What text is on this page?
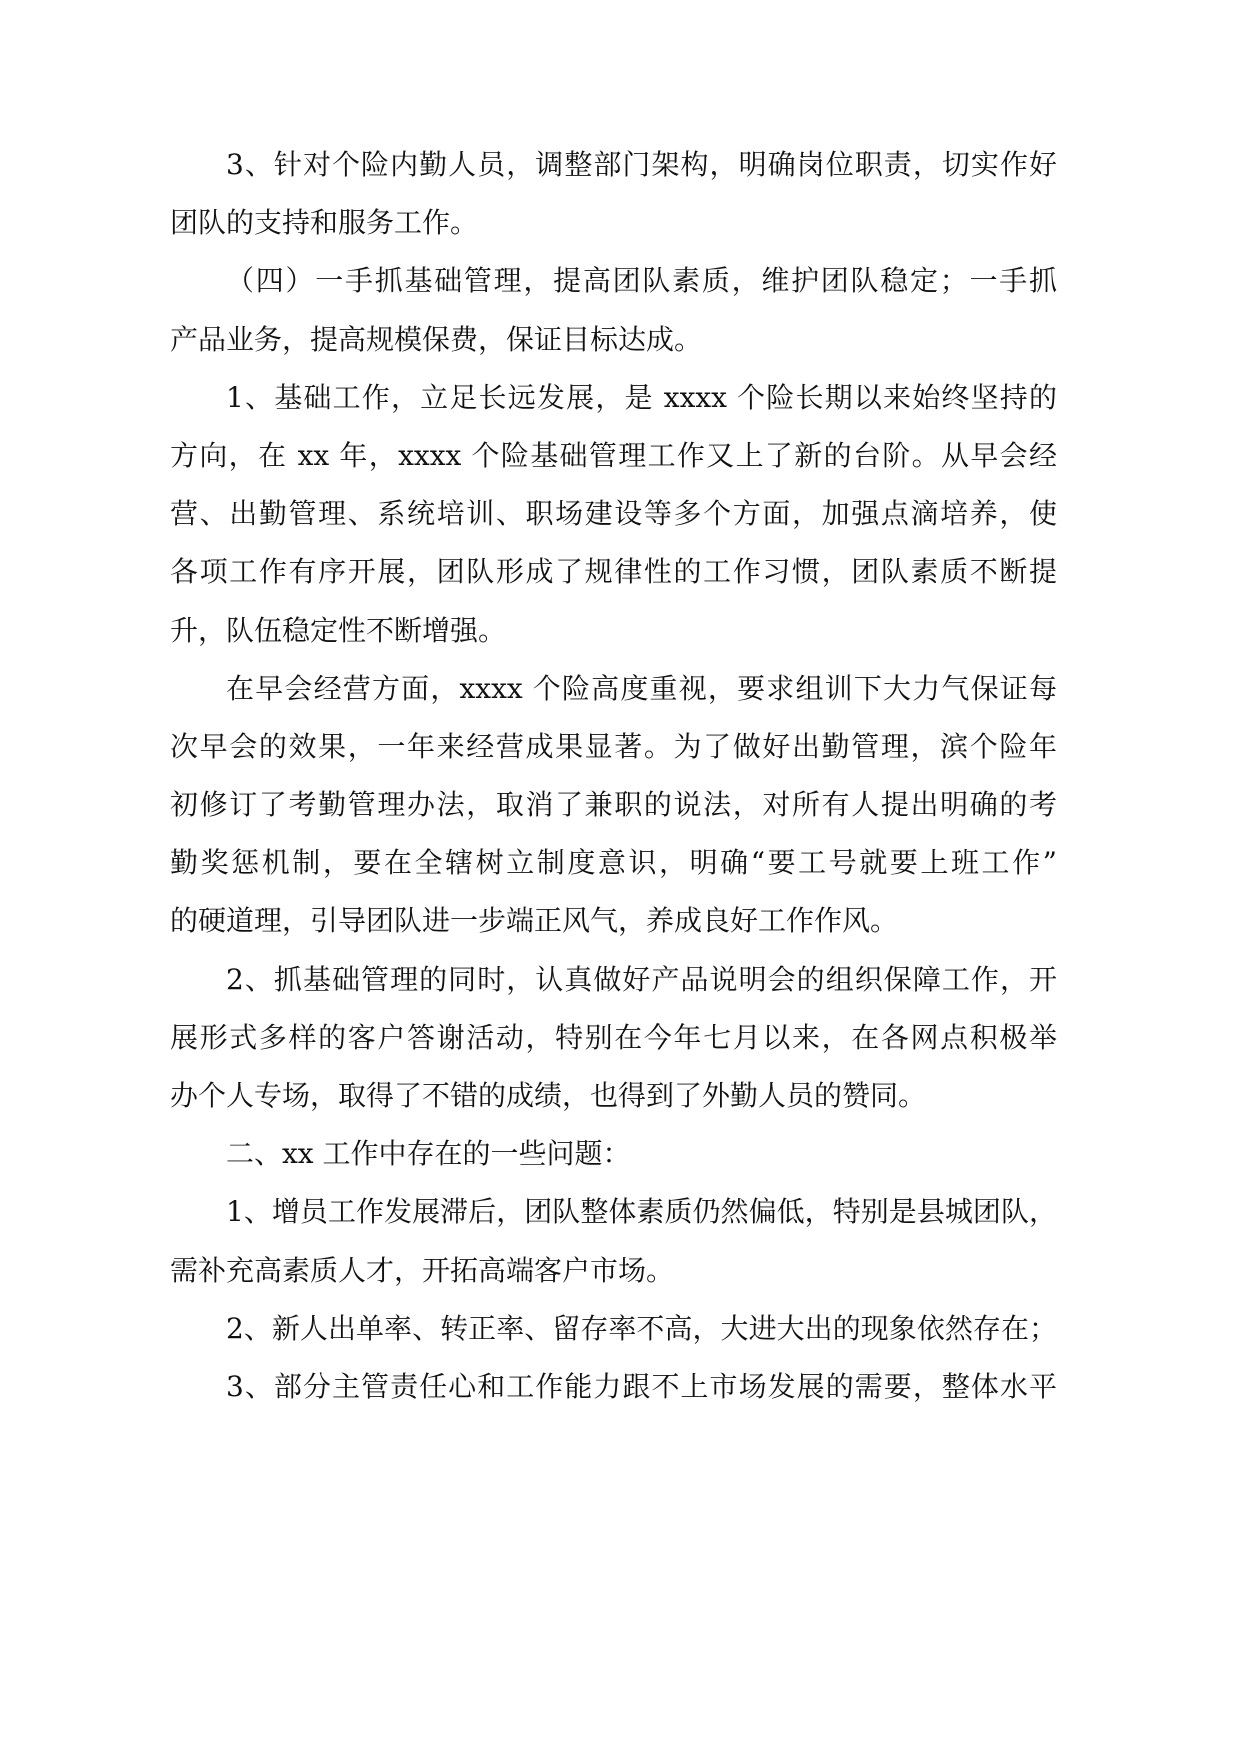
3、针对个险内勤人员，调整部门架构，明确岗位职责，切实作好
团队的支持和服务工作。
（四）一手抓基础管理，提高团队素质，维护团队稳定；一手抓
产品业务，提高规模保费，保证目标达成。
1、基础工作，立足长远发展，是 xxxx 个险长期以来始终坚持的
方向，在 xx 年，xxxx 个险基础管理工作又上了新的台阶。从早会经
营、出勤管理、系统培训、职场建设等多个方面，加强点滴培养，使
各项工作有序开展，团队形成了规律性的工作习惯，团队素质不断提
升，队伍稳定性不断增强。
在早会经营方面，xxxx 个险高度重视，要求组训下大力气保证每
次早会的效果，一年来经营成果显著。为了做好出勤管理，滨个险年
初修订了考勤管理办法，取消了兼职的说法，对所有人提出明确的考
勤奖惩机制，要在全辖树立制度意识，明确“要工号就要上班工作”
的硬道理，引导团队进一步端正风气，养成良好工作作风。
2、抓基础管理的同时，认真做好产品说明会的组织保障工作，开
展形式多样的客户答谢活动，特别在今年七月以来，在各网点积极举
办个人专场，取得了不错的成绩，也得到了外勤人员的赞同。
二、xx 工作中存在的一些问题：
1、增员工作发展滞后，团队整体素质仍然偏低，特别是县城团队，
需补充高素质人才，开拓高端客户市场。
2、新人出单率、转正率、留存率不高，大进大出的现象依然存在；
3、部分主管责任心和工作能力跟不上市场发展的需要，整体水平
